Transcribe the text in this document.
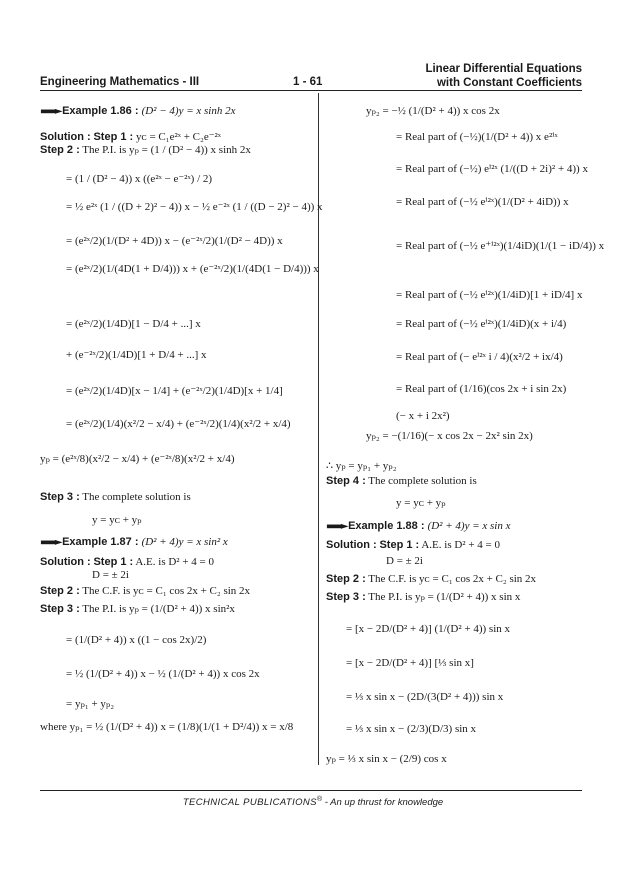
Engineering Mathematics - III	1 - 61
Linear Differential Equations
with Constant Coefficients
▬▬► Example 1.86 : (D² − 4)y = x sinh 2x
Solution : Step 1 : yᴄ = C₁e²ˣ + C₂e⁻²ˣ
Step 2 : The P.I. is yₚ = (1 / (D² − 4)) x sinh 2x
= (1 / (D² − 4)) x ((e²ˣ − e⁻²ˣ) / 2)
= ½ e²ˣ (1 / ((D + 2)² − 4)) x − ½ e⁻²ˣ (1 / ((D − 2)² − 4)) x
= (e²ˣ/2)(1/(D² + 4D)) x − (e⁻²ˣ/2)(1/(D² − 4D)) x
= (e²ˣ/2)(1/(4D(1 + D/4))) x + (e⁻²ˣ/2)(1/(4D(1 − D/4))) x
= (e²ˣ/2)(1/4D)[1 − D/4 + ...] x
+ (e⁻²ˣ/2)(1/4D)[1 + D/4 + ...] x
= (e²ˣ/2)(1/4D)[x − 1/4] + (e⁻²ˣ/2)(1/4D)[x + 1/4]
= (e²ˣ/2)(1/4)(x²/2 − x/4) + (e⁻²ˣ/2)(1/4)(x²/2 + x/4)
yₚ = (e²ˣ/8)(x²/2 − x/4) + (e⁻²ˣ/8)(x²/2 + x/4)
Step 3 : The complete solution is
y = yᴄ + yₚ
▬▬► Example 1.87 : (D² + 4)y = x sin² x
Solution : Step 1 : A.E. is D² + 4 = 0
D = ± 2i
Step 2 : The C.F. is yᴄ = C₁ cos 2x + C₂ sin 2x
Step 3 : The P.I. is yₚ = (1/(D² + 4)) x sin²x
= (1/(D² + 4)) x ((1 − cos 2x)/2)
= ½ (1/(D² + 4)) x − ½ (1/(D² + 4)) x cos 2x
= yₚ₁ + yₚ₂
where yₚ₁ = ½ (1/(D² + 4)) x = (1/8)(1/(1 + D²/4)) x = x/8
yₚ₂ = −½ (1/(D² + 4)) x cos 2x
= Real part of (−½)(1/(D² + 4)) x e²ⁱˣ
= Real part of (−½) eⁱ²ˣ (1/((D + 2i)² + 4)) x
= Real part of (−½ eⁱ²ˣ)(1/(D² + 4iD)) x
= Real part of (−½ e⁺ⁱ²ˣ)(1/4iD)(1/(1 − iD/4)) x
= Real part of (−½ eⁱ²ˣ)(1/4iD)[1 + iD/4] x
= Real part of (−½ eⁱ²ˣ)(1/4iD)(x + i/4)
= Real part of (− eⁱ²ˣ i / 4)(x²/2 + ix/4)
= Real part of (1/16)(cos 2x + i sin 2x)
(− x + i 2x²)
yₚ₂ = −(1/16)(− x cos 2x − 2x² sin 2x)
∴ yₚ = yₚ₁ + yₚ₂
Step 4 : The complete solution is
y = yᴄ + yₚ
▬▬► Example 1.88 : (D² + 4)y = x sin x
Solution : Step 1 : A.E. is D² + 4 = 0
D = ± 2i
Step 2 : The C.F. is yᴄ = C₁ cos 2x + C₂ sin 2x
Step 3 : The P.I. is yₚ = (1/(D² + 4)) x sin x
= [x − 2D/(D² + 4)] (1/(D² + 4)) sin x
= [x − 2D/(D² + 4)] [⅓ sin x]
= ⅓ x sin x − (2D/(3(D² + 4))) sin x
= ⅓ x sin x − (2/3)(D/3) sin x
yₚ = ⅓ x sin x − (2/9) cos x
TECHNICAL PUBLICATIONS® - An up thrust for knowledge
